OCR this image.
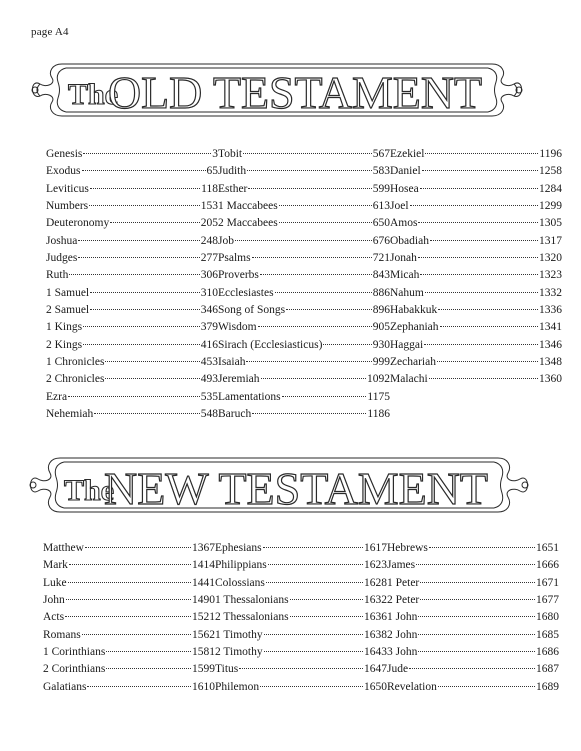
page A4
The
OLD TESTAMENT
Genesis	3
Exodus	65
Leviticus	118
Numbers	153
Deuteronomy	205
Joshua	248
Judges	277
Ruth	306
1 Samuel	310
2 Samuel	346
1 Kings	379
2 Kings	416
1 Chronicles	453
2 Chronicles	493
Ezra	535
Nehemiah	548
Tobit	567
Judith	583
Esther	599
1 Maccabees	613
2 Maccabees	650
Job	676
Psalms	721
Proverbs	843
Ecclesiastes	886
Song of Songs	896
Wisdom	905
Sirach (Ecclesiasticus)	930
Isaiah	999
Jeremiah	1092
Lamentations	1175
Baruch	1186
Ezekiel	1196
Daniel	1258
Hosea	1284
Joel	1299
Amos	1305
Obadiah	1317
Jonah	1320
Micah	1323
Nahum	1332
Habakkuk	1336
Zephaniah	1341
Haggai	1346
Zechariah	1348
Malachi	1360
The
NEW TESTAMENT
Matthew	1367
Mark	1414
Luke	1441
John	1490
Acts	1521
Romans	1562
1 Corinthians	1581
2 Corinthians	1599
Galatians	1610
Ephesians	1617
Philippians	1623
Colossians	1628
1 Thessalonians	1632
2 Thessalonians	1636
1 Timothy	1638
2 Timothy	1643
Titus	1647
Philemon	1650
Hebrews	1651
James	1666
1 Peter	1671
2 Peter	1677
1 John	1680
2 John	1685
3 John	1686
Jude	1687
Revelation	1689
